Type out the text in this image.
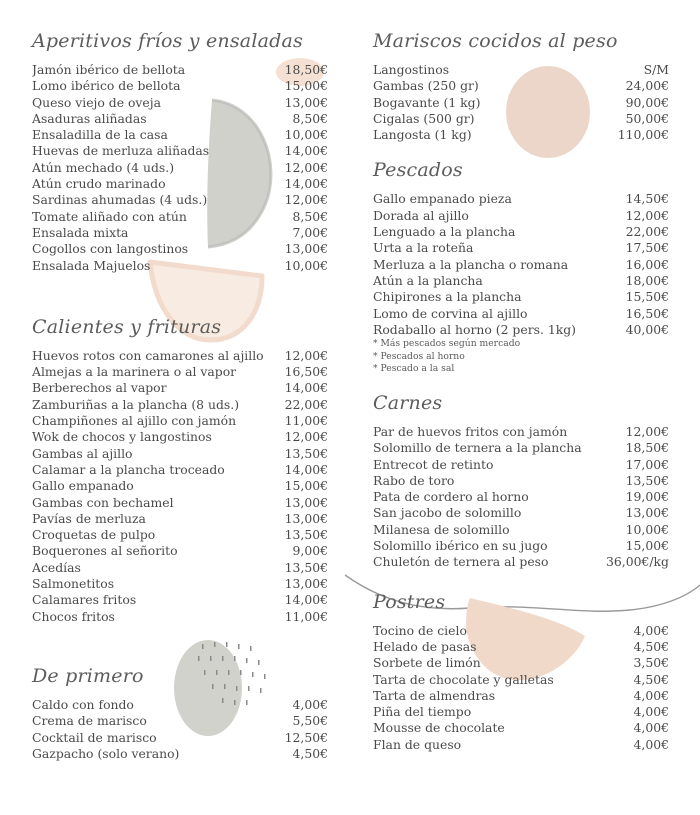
Aperitivos fríos y ensaladas
Jamón ibérico de bellota	18,50€
Lomo ibérico de bellota	15,00€
Queso viejo de oveja	13,00€
Asaduras aliñadas	8,50€
Ensaladilla de la casa	10,00€
Huevas de merluza aliñadas	14,00€
Atún mechado (4 uds.)	12,00€
Atún crudo marinado	14,00€
Sardinas ahumadas (4 uds.)	12,00€
Tomate aliñado con atún	8,50€
Ensalada mixta	7,00€
Cogollos con langostinos	13,00€
Ensalada Majuelos	10,00€
Calientes y frituras
Huevos rotos con camarones al ajillo 12,00€
Almejas a la marinera o al vapor	16,50€
Berberechos al vapor	14,00€
Zamburiñas a la plancha (8 uds.)	22,00€
Champiñones al ajillo con jamón	11,00€
Wok de chocos y langostinos	12,00€
Gambas al ajillo	13,50€
Calamar a la plancha troceado	14,00€
Gallo empanado	15,00€
Gambas con bechamel	13,00€
Pavías de merluza	13,00€
Croquetas de pulpo	13,50€
Boquerones al señorito	9,00€
Acedías	13,50€
Salmonetitos	13,00€
Calamares fritos	14,00€
Chocos fritos	11,00€
De primero
Caldo con fondo	4,00€
Crema de marisco	5,50€
Cocktail de marisco	12,50€
Gazpacho (solo verano)	4,50€
Mariscos cocidos al peso
Langostinos	S/M
Gambas (250 gr)	24,00€
Bogavante (1 kg)	90,00€
Cigalas (500 gr)	50,00€
Langosta (1 kg)	110,00€
Pescados
Gallo empanado pieza	14,50€
Dorada al ajillo	12,00€
Lenguado a la plancha	22,00€
Urta a la roteña	17,50€
Merluza a la plancha o romana	16,00€
Atún a la plancha	18,00€
Chipirones a la plancha	15,50€
Lomo de corvina al ajillo	16,50€
Rodaballo al horno (2 pers. 1kg)	40,00€
* Más pescados según mercado
* Pescados al horno
* Pescado a la sal
Carnes
Par de huevos fritos con jamón	12,00€
Solomillo de ternera a la plancha	18,50€
Entrecot de retinto	17,00€
Rabo de toro	13,50€
Pata de cordero al horno	19,00€
San jacobo de solomillo	13,00€
Milanesa de solomillo	10,00€
Solomillo ibérico en su jugo	15,00€
Chuletón de ternera al peso	36,00€/kg
Postres
Tocino de cielo	4,00€
Helado de pasas	4,50€
Sorbete de limón	3,50€
Tarta de chocolate y galletas	4,50€
Tarta de almendras	4,00€
Piña del tiempo	4,00€
Mousse de chocolate	4,00€
Flan de queso	4,00€
